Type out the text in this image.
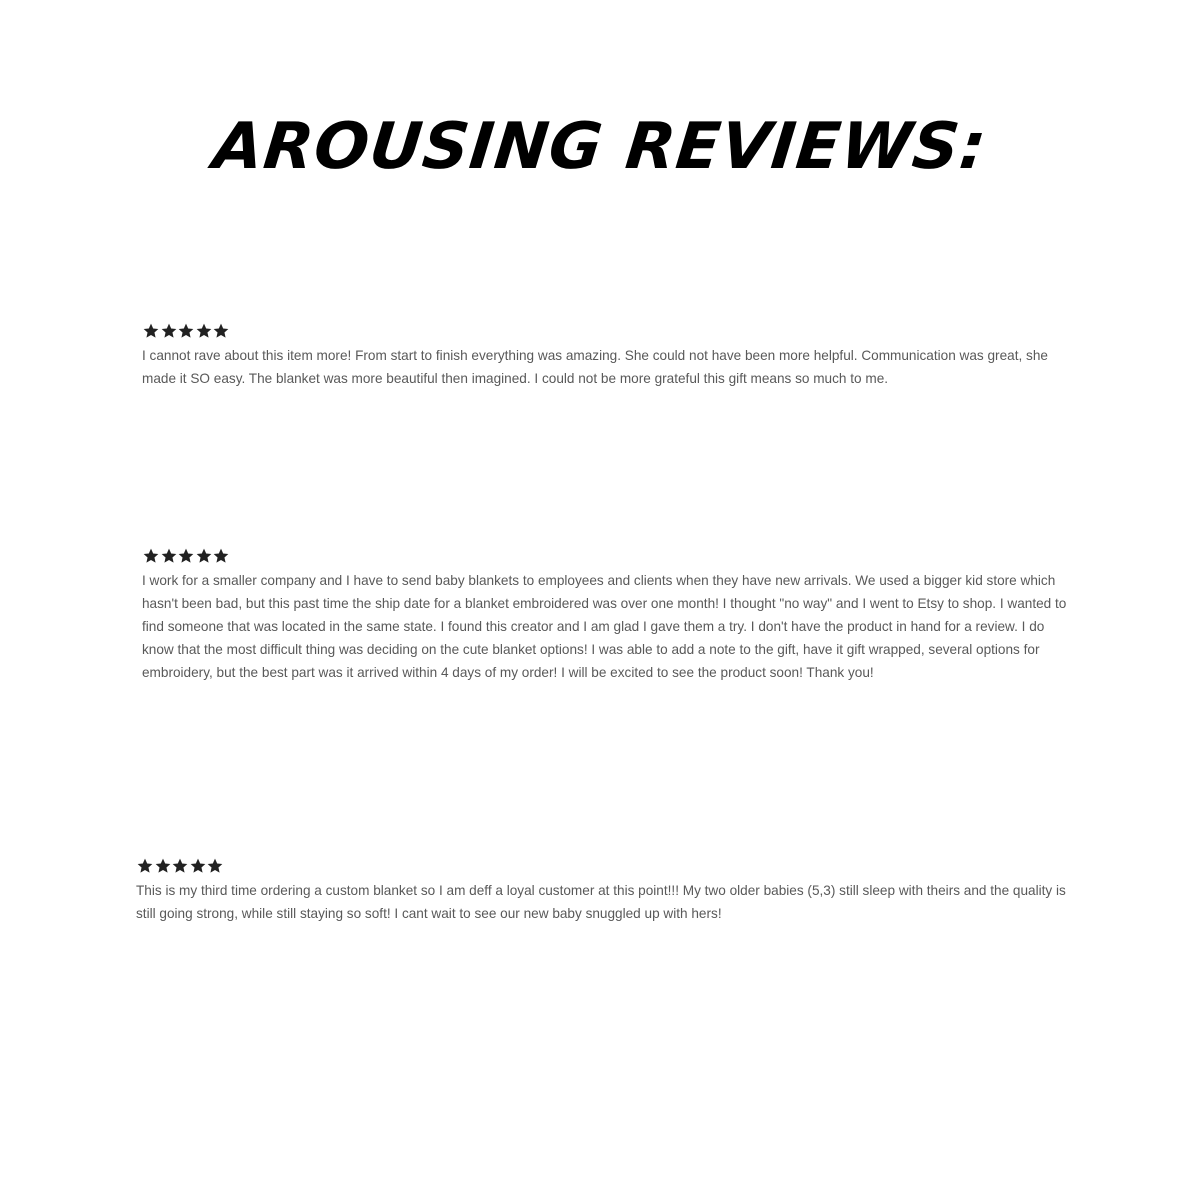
AROUSING REVIEWS:

I cannot rave about this item more! From start to finish everything was amazing. She could not have been more helpful. Communication was great, she made it SO easy. The blanket was more beautiful then imagined. I could not be more grateful this gift means so much to me.

I work for a smaller company and I have to send baby blankets to employees and clients when they have new arrivals. We used a bigger kid store which hasn't been bad, but this past time the ship date for a blanket embroidered was over one month! I thought "no way" and I went to Etsy to shop. I wanted to find someone that was located in the same state. I found this creator and I am glad I gave them a try. I don't have the product in hand for a review. I do know that the most difficult thing was deciding on the cute blanket options! I was able to add a note to the gift, have it gift wrapped, several options for embroidery, but the best part was it arrived within 4 days of my order! I will be excited to see the product soon! Thank you!

This is my third time ordering a custom blanket so I am deff a loyal customer at this point!!! My two older babies (5,3) still sleep with theirs and the quality is still going strong, while still staying so soft! I cant wait to see our new baby snuggled up with hers!
